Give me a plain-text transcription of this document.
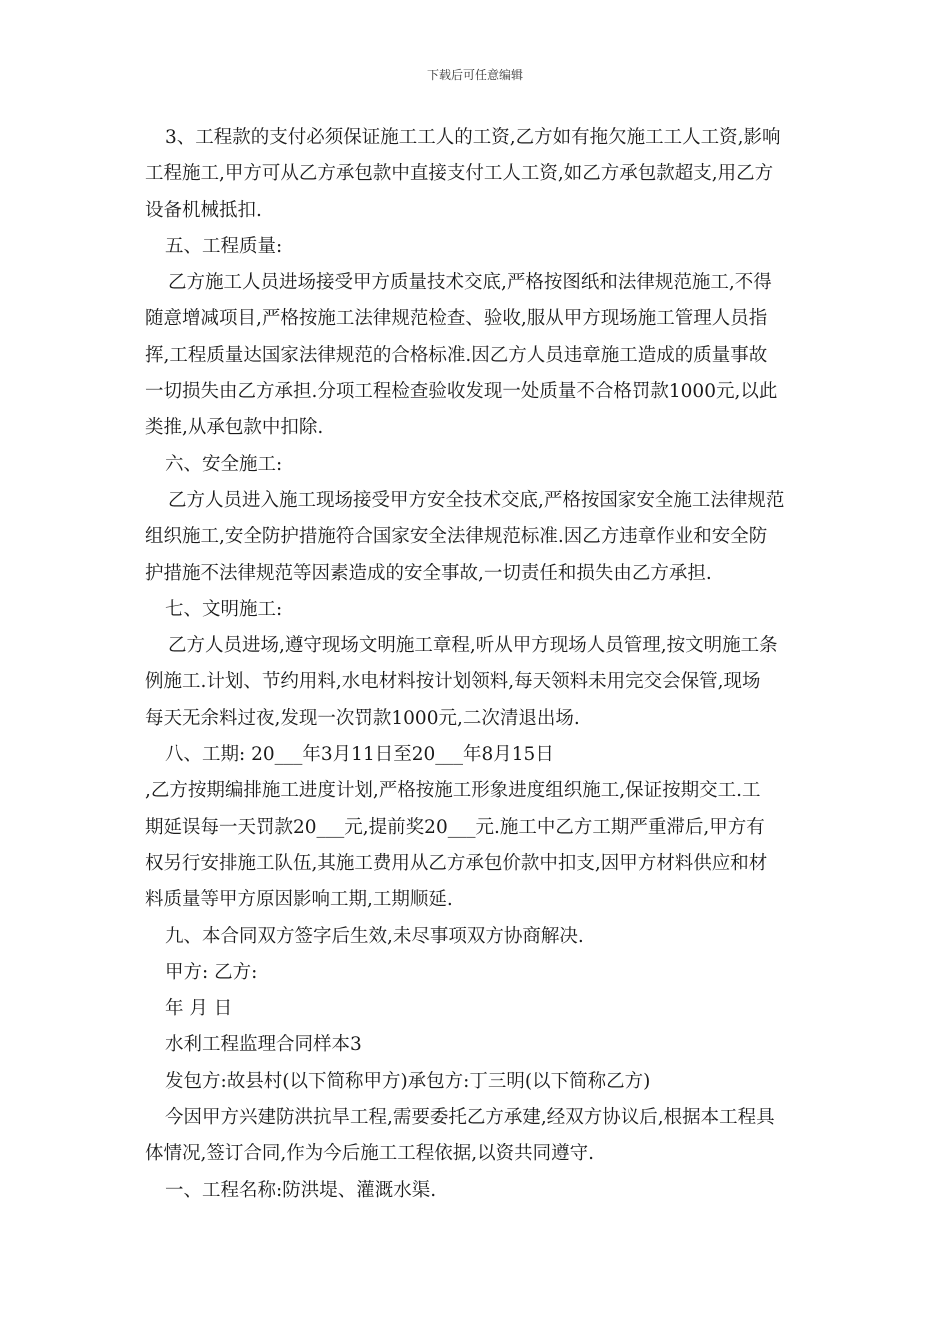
下载后可任意编辑
3、工程款的支付必须保证施工工人的工资,乙方如有拖欠施工工人工资,影响
工程施工,甲方可从乙方承包款中直接支付工人工资,如乙方承包款超支,用乙方
设备机械抵扣.
五、工程质量:
乙方施工人员进场接受甲方质量技术交底,严格按图纸和法律规范施工,不得
随意增减项目,严格按施工法律规范检查、验收,服从甲方现场施工管理人员指
挥,工程质量达国家法律规范的合格标准.因乙方人员违章施工造成的质量事故
一切损失由乙方承担.分项工程检查验收发现一处质量不合格罚款1000元,以此
类推,从承包款中扣除.
六、安全施工:
乙方人员进入施工现场接受甲方安全技术交底,严格按国家安全施工法律规范
组织施工,安全防护措施符合国家安全法律规范标准.因乙方违章作业和安全防
护措施不法律规范等因素造成的安全事故,一切责任和损失由乙方承担.
七、文明施工:
乙方人员进场,遵守现场文明施工章程,听从甲方现场人员管理,按文明施工条
例施工.计划、节约用料,水电材料按计划领料,每天领料未用完交会保管,现场
每天无余料过夜,发现一次罚款1000元,二次清退出场.
八、工期: 20___年3月11日至20___年8月15日
,乙方按期编排施工进度计划,严格按施工形象进度组织施工,保证按期交工.工
期延误每一天罚款20___元,提前奖20___元.施工中乙方工期严重滞后,甲方有
权另行安排施工队伍,其施工费用从乙方承包价款中扣支,因甲方材料供应和材
料质量等甲方原因影响工期,工期顺延.
九、本合同双方签字后生效,未尽事项双方协商解决.
甲方: 乙方:
年 月 日
水利工程监理合同样本3
发包方:故县村(以下简称甲方)承包方:丁三明(以下简称乙方)
今因甲方兴建防洪抗旱工程,需要委托乙方承建,经双方协议后,根据本工程具
体情况,签订合同,作为今后施工工程依据,以资共同遵守.
一、工程名称:防洪堤、灌溉水渠.
